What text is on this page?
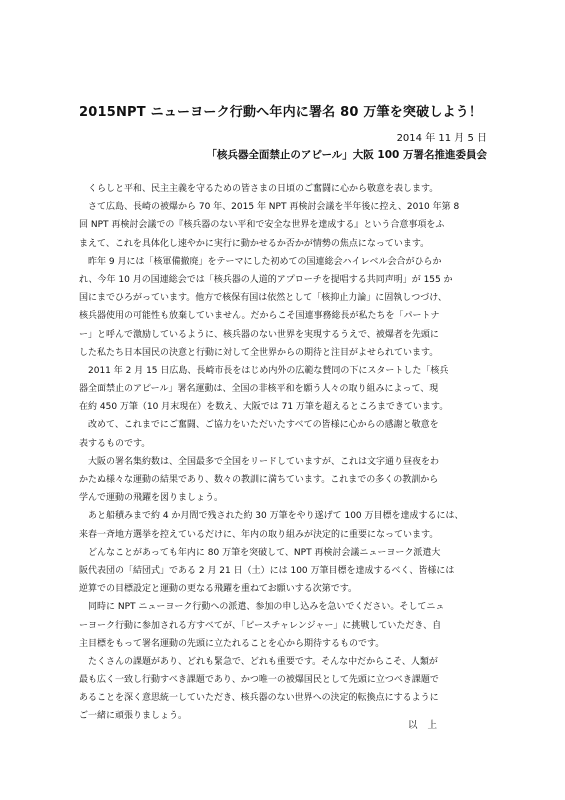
2015NPT ニューヨーク行動へ年内に署名 80 万筆を突破しよう！
2014 年 11 月 5 日
「核兵器全面禁止のアピール」大阪 100 万署名推進委員会
　くらしと平和、民主主義を守るための皆さまの日頃のご奮闘に心から敬意を表します。
　さて広島、長崎の被爆から 70 年、2015 年 NPT 再検討会議を半年後に控え、2010 年第 8
回 NPT 再検討会議での『核兵器のない平和で安全な世界を達成する』という合意事項をふ
まえて、これを具体化し速やかに実行に動かせるか否かが情勢の焦点になっています。
　昨年 9 月には「核軍備撤廃」をテーマにした初めての国連総会ハイレベル会合がひらか
れ、今年 10 月の国連総会では「核兵器の人道的アプローチを提唱する共同声明」が 155 か
国にまでひろがっています。他方で核保有国は依然として「核抑止力論」に固執しつづけ、
核兵器使用の可能性も放棄していません。だからこそ国連事務総長が私たちを「パートナ
ー」と呼んで激励しているように、核兵器のない世界を実現するうえで、被爆者を先頭に
した私たち日本国民の決意と行動に対して全世界からの期待と注目がよせられています。
　2011 年 2 月 15 日広島、長崎市長をはじめ内外の広範な賛同の下にスタートした「核兵
器全面禁止のアピール」署名運動は、全国の非核平和を願う人々の取り組みによって、現
在約 450 万筆（10 月末現在）を数え、大阪では 71 万筆を超えるところまできています。
　改めて、これまでにご奮闘、ご協力をいただいたすべての皆様に心からの感謝と敬意を
表するものです。
　大阪の署名集約数は、全国最多で全国をリードしていますが、これは文字通り昼夜をわ
かたぬ様々な運動の結果であり、数々の教訓に満ちています。これまでの多くの教訓から
学んで運動の飛躍を図りましょう。
　あと船積みまで約 4 か月間で残された約 30 万筆をやり遂げて 100 万目標を達成するには、
来春一斉地方選挙を控えているだけに、年内の取り組みが決定的に重要になっています。
　どんなことがあっても年内に 80 万筆を突破して、NPT 再検討会議ニューヨーク派遣大
阪代表団の「結団式」である 2 月 21 日（土）には 100 万筆目標を達成するべく、皆様には
逆算での目標設定と運動の更なる飛躍を重ねてお願いする次第です。
　同時に NPT ニューヨーク行動への派遣、参加の申し込みを急いでください。そしてニュ
ーヨーク行動に参加される方すべてが、「ピースチャレンジャー」に挑戦していただき、自
主目標をもって署名運動の先頭に立たれることを心から期待するものです。
　たくさんの課題があり、どれも緊急で、どれも重要です。そんな中だからこそ、人類が
最も広く一致し行動すべき課題であり、かつ唯一の被爆国民として先頭に立つべき課題で
あることを深く意思統一していただき、核兵器のない世界への決定的転換点にするように
ご一緒に頑張りましょう。
以上
